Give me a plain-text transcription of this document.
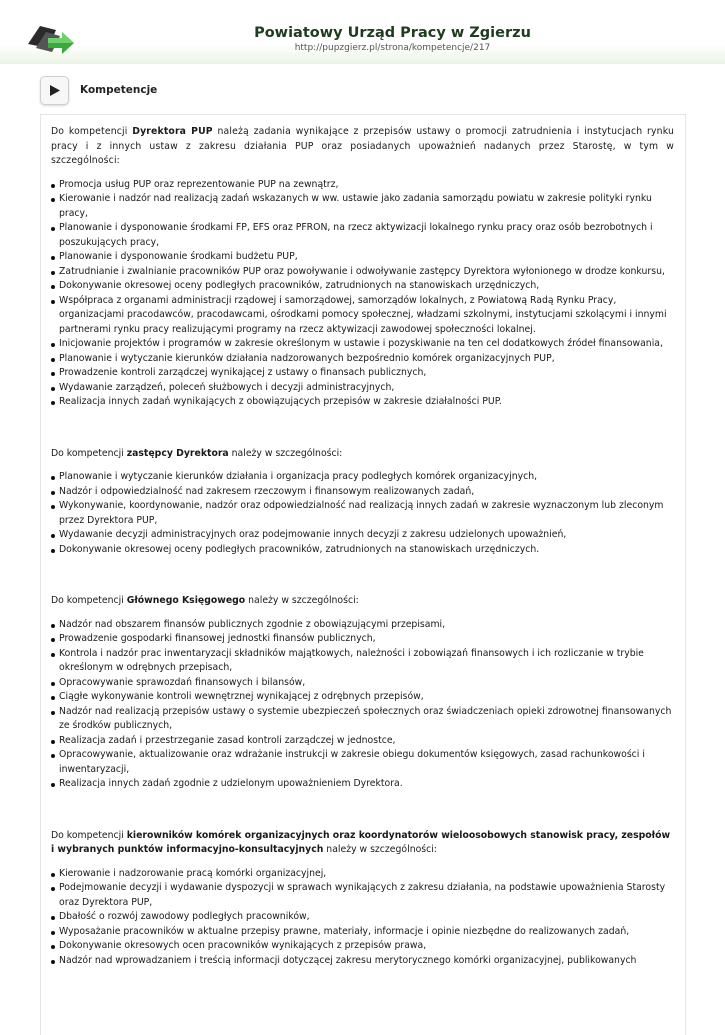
Powiatowy Urząd Pracy w Zgierzu
http://pupzgierz.pl/strona/kompetencje/217
Kompetencje

Do kompetencji Dyrektora PUP należą zadania wynikające z przepisów ustawy o promocji zatrudnienia i instytucjach rynku pracy i z innych ustaw z zakresu działania PUP oraz posiadanych upoważnień nadanych przez Starostę, w tym w szczególności:

Promocja usług PUP oraz reprezentowanie PUP na zewnątrz,
Kierowanie i nadzór nad realizacją zadań wskazanych w ww. ustawie jako zadania samorządu powiatu w zakresie polityki rynku pracy,
Planowanie i dysponowanie środkami FP, EFS oraz PFRON, na rzecz aktywizacji lokalnego rynku pracy oraz osób bezrobotnych i poszukujących pracy,
Planowanie i dysponowanie środkami budżetu PUP,
Zatrudnianie i zwalnianie pracowników PUP oraz powoływanie i odwoływanie zastępcy Dyrektora wyłonionego w drodze konkursu,
Dokonywanie okresowej oceny podległych pracowników, zatrudnionych na stanowiskach urzędniczych,
Współpraca z organami administracji rządowej i samorządowej, samorządów lokalnych, z Powiatową Radą Rynku Pracy, organizacjami pracodawców, pracodawcami, ośrodkami pomocy społecznej, władzami szkolnymi, instytucjami szkolącymi i innymi partnerami rynku pracy realizującymi programy na rzecz aktywizacji zawodowej społeczności lokalnej.
Inicjowanie projektów i programów w zakresie określonym w ustawie i pozyskiwanie na ten cel dodatkowych źródeł finansowania,
Planowanie i wytyczanie kierunków działania nadzorowanych bezpośrednio komórek organizacyjnych PUP,
Prowadzenie kontroli zarządczej wynikającej z ustawy o finansach publicznych,
Wydawanie zarządzeń, poleceń służbowych i decyzji administracyjnych,
Realizacja innych zadań wynikających z obowiązujących przepisów w zakresie działalności PUP.

Do kompetencji zastępcy Dyrektora należy w szczególności:

Planowanie i wytyczanie kierunków działania i organizacja pracy podległych komórek organizacyjnych,
Nadzór i odpowiedzialność nad zakresem rzeczowym i finansowym realizowanych zadań,
Wykonywanie, koordynowanie, nadzór oraz odpowiedzialność nad realizacją innych zadań w zakresie wyznaczonym lub zleconym przez Dyrektora PUP,
Wydawanie decyzji administracyjnych oraz podejmowanie innych decyzji z zakresu udzielonych upoważnień,
Dokonywanie okresowej oceny podległych pracowników, zatrudnionych na stanowiskach urzędniczych.

Do kompetencji Głównego Księgowego należy w szczególności:

Nadzór nad obszarem finansów publicznych zgodnie z obowiązującymi przepisami,
Prowadzenie gospodarki finansowej jednostki finansów publicznych,
Kontrola i nadzór prac inwentaryzacji składników majątkowych, należności i zobowiązań finansowych i ich rozliczanie w trybie określonym w odrębnych przepisach,
Opracowywanie sprawozdań finansowych i bilansów,
Ciągłe wykonywanie kontroli wewnętrznej wynikającej z odrębnych przepisów,
Nadzór nad realizacją przepisów ustawy o systemie ubezpieczeń społecznych oraz świadczeniach opieki zdrowotnej finansowanych ze środków publicznych,
Realizacja zadań i przestrzeganie zasad kontroli zarządczej w jednostce,
Opracowywanie, aktualizowanie oraz wdrażanie instrukcji w zakresie obiegu dokumentów księgowych, zasad rachunkowości i inwentaryzacji,
Realizacja innych zadań zgodnie z udzielonym upoważnieniem Dyrektora.

Do kompetencji kierowników komórek organizacyjnych oraz koordynatorów wieloosobowych stanowisk pracy, zespołów i wybranych punktów informacyjno-konsultacyjnych należy w szczególności:

Kierowanie i nadzorowanie pracą komórki organizacyjnej,
Podejmowanie decyzji i wydawanie dyspozycji w sprawach wynikających z zakresu działania, na podstawie upoważnienia Starosty oraz Dyrektora PUP,
Dbałość o rozwój zawodowy podległych pracowników,
Wyposażanie pracowników w aktualne przepisy prawne, materiały, informacje i opinie niezbędne do realizowanych zadań,
Dokonywanie okresowych ocen pracowników wynikających z przepisów prawa,
Nadzór nad wprowadzaniem i treścią informacji dotyczącej zakresu merytorycznego komórki organizacyjnej, publikowanych
